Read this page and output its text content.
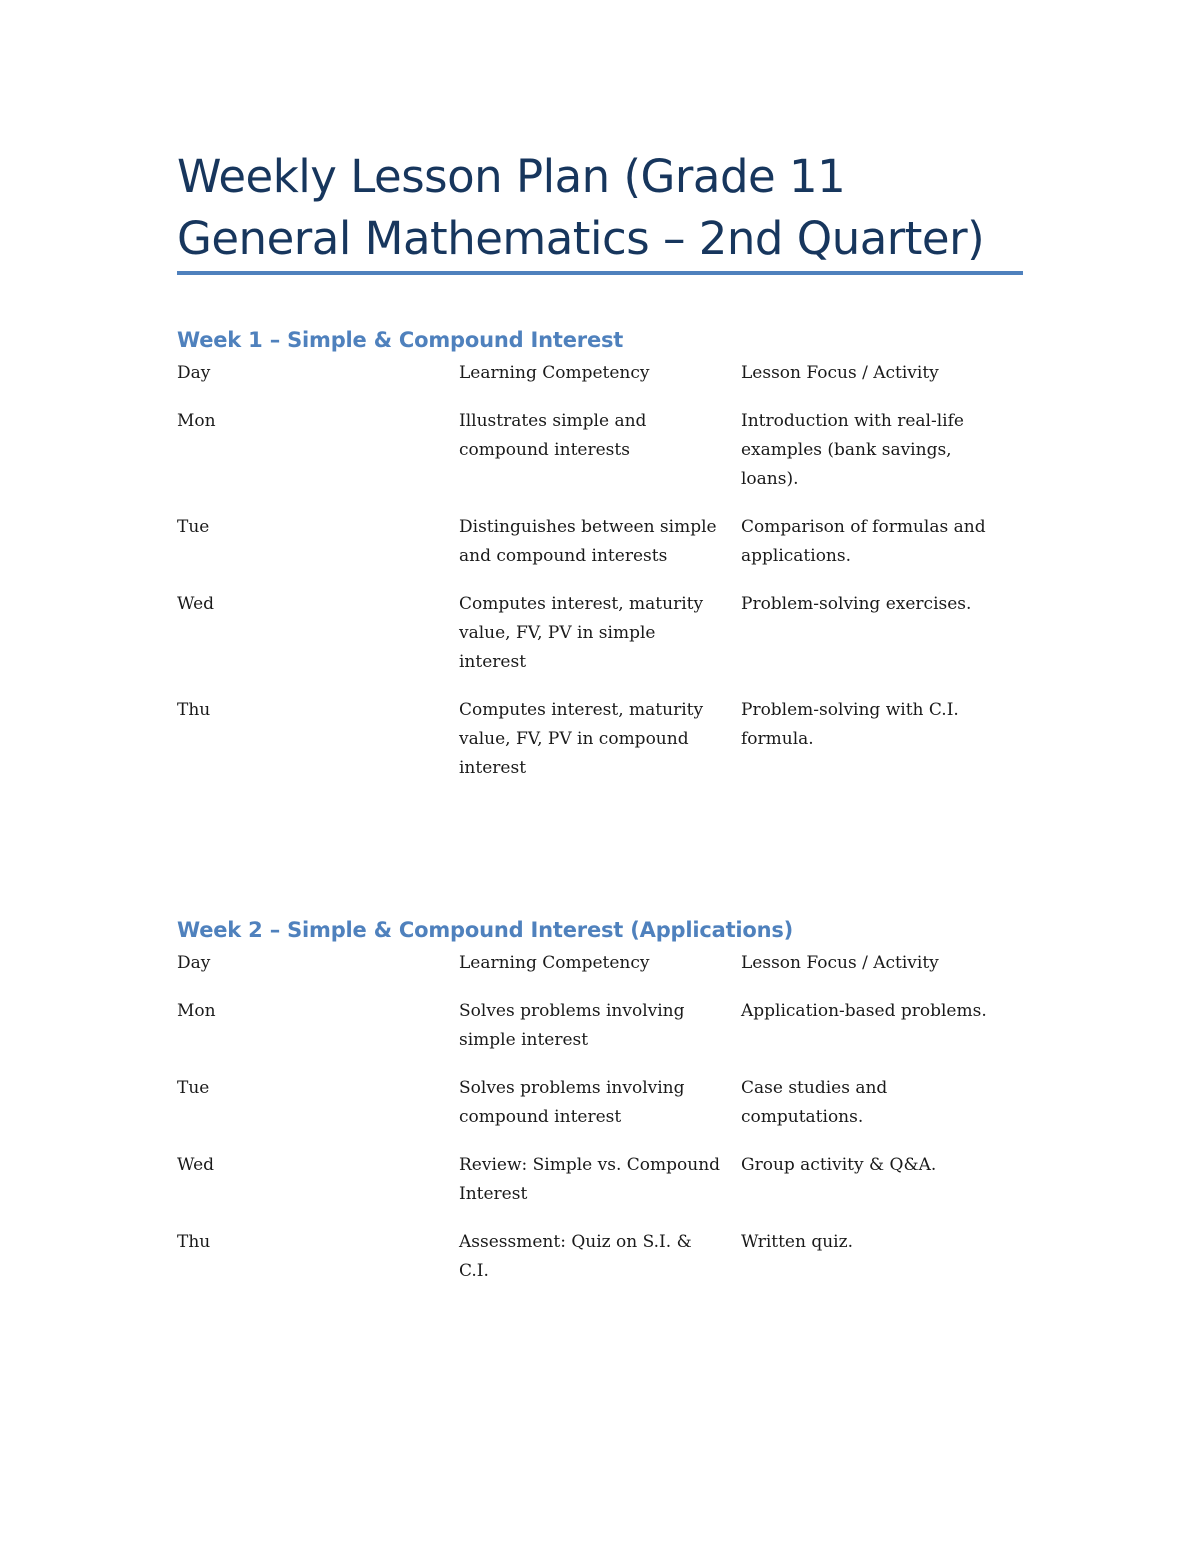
Weekly Lesson Plan (Grade 11 General Mathematics – 2nd Quarter)
Week 1 – Simple & Compound Interest
Day	Learning Competency	Lesson Focus / Activity
Mon	Illustrates simple and compound interests	Introduction with real-life examples (bank savings, loans).
Tue	Distinguishes between simple and compound interests	Comparison of formulas and applications.
Wed	Computes interest, maturity value, FV, PV in simple interest	Problem-solving exercises.
Thu	Computes interest, maturity value, FV, PV in compound interest	Problem-solving with C.I. formula.
Week 2 – Simple & Compound Interest (Applications)
Day	Learning Competency	Lesson Focus / Activity
Mon	Solves problems involving simple interest	Application-based problems.
Tue	Solves problems involving compound interest	Case studies and computations.
Wed	Review: Simple vs. Compound Interest	Group activity & Q&A.
Thu	Assessment: Quiz on S.I. & C.I.	Written quiz.
